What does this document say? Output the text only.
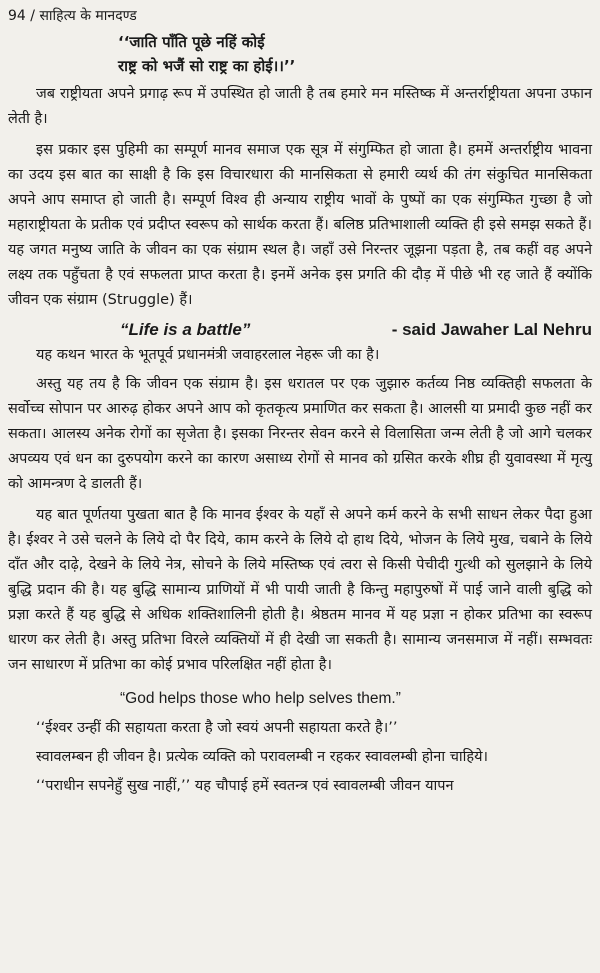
94 / साहित्य के मानदण्ड
‘‘जाति पाँति पूछे नहिं कोई
राष्ट्र को भजैं सो राष्ट्र का होई।।’’

जब राष्ट्रीयता अपने प्रगाढ़ रूप में उपस्थित हो जाती है तब हमारे मन मस्तिष्क में अन्तर्राष्ट्रीयता अपना उफान लेती है।

इस प्रकार इस पुहिमी का सम्पूर्ण मानव समाज एक सूत्र में संगुम्फित हो जाता है। हममें अन्तर्राष्ट्रीय भावना का उदय इस बात का साक्षी है कि इस विचारधारा की मानसिकता से हमारी व्यर्थ की तंग संकुचित मानसिकता अपने आप समाप्त हो जाती है। सम्पूर्ण विश्व ही अन्याय राष्ट्रीय भावों के पुष्पों का एक संगुम्फित गुच्छा है जो महाराष्ट्रीयता के प्रतीक एवं प्रदीप्त स्वरूप को सार्थक करता हैं। बलिष्ठ प्रतिभाशाली व्यक्ति ही इसे समझ सकते हैं। यह जगत मनुष्य जाति के जीवन का एक संग्राम स्थल है। जहाँ उसे निरन्तर जूझना पड़ता है, तब कहीं वह अपने लक्ष्य तक पहुँचता है एवं सफलता प्राप्त करता है। इनमें अनेक इस प्रगति की दौड़ में पीछे भी रह जाते हैं क्योंकि जीवन एक संग्राम (Struggle) हैं।

“Life is a battle”	- said Jawaher Lal Nehru

यह कथन भारत के भूतपूर्व प्रधानमंत्री जवाहरलाल नेहरू जी का है।

अस्तु यह तय है कि जीवन एक संग्राम है। इस धरातल पर एक जुझारु कर्तव्य निष्ठ व्यक्तिही सफलता के सर्वोच्च सोपान पर आरुढ़ होकर अपने आप को कृतकृत्य प्रमाणित कर सकता है। आलसी या प्रमादी कुछ नहीं कर सकता। आलस्य अनेक रोगों का सृजेता है। इसका निरन्तर सेवन करने से विलासिता जन्म लेती है जो आगे चलकर अपव्यय एवं धन का दुरुपयोग करने का कारण असाध्य रोगों से मानव को ग्रसित करके शीघ्र ही युवावस्था में मृत्यु को आमन्त्रण दे डालती हैं।

यह बात पूर्णतया पुखता बात है कि मानव ईश्वर के यहाँ से अपने कर्म करने के सभी साधन लेकर पैदा हुआ है। ईश्वर ने उसे चलने के लिये दो पैर दिये, काम करने के लिये दो हाथ दिये, भोजन के लिये मुख, चबाने के लिये दाँत और दाढ़े, देखने के लिये नेत्र, सोचने के लिये मस्तिष्क एवं त्वरा से किसी पेचीदी गुत्थी को सुलझाने के लिये बुद्धि प्रदान की है। यह बुद्धि सामान्य प्राणियों में भी पायी जाती है किन्तु महापुरुषों में पाई जाने वाली बुद्धि को प्रज्ञा करते हैं यह बुद्धि से अधिक शक्तिशालिनी होती है। श्रेष्ठतम मानव में यह प्रज्ञा न होकर प्रतिभा का स्वरूप धारण कर लेती है। अस्तु प्रतिभा विरले व्यक्तियों में ही देखी जा सकती है। सामान्य जनसमाज में नहीं। सम्भवतः जन साधारण में प्रतिभा का कोई प्रभाव परिलक्षित नहीं होता है।

“God helps those who help selves them.”

‘‘ईश्वर उन्हीं की सहायता करता है जो स्वयं अपनी सहायता करते है।’’

स्वावलम्बन ही जीवन है। प्रत्येक व्यक्ति को परावलम्बी न रहकर स्वावलम्बी होना चाहिये।

‘‘पराधीन सपनेहुँ सुख नाहीं,’’ यह चौपाई हमें स्वतन्त्र एवं स्वावलम्बी जीवन यापन
